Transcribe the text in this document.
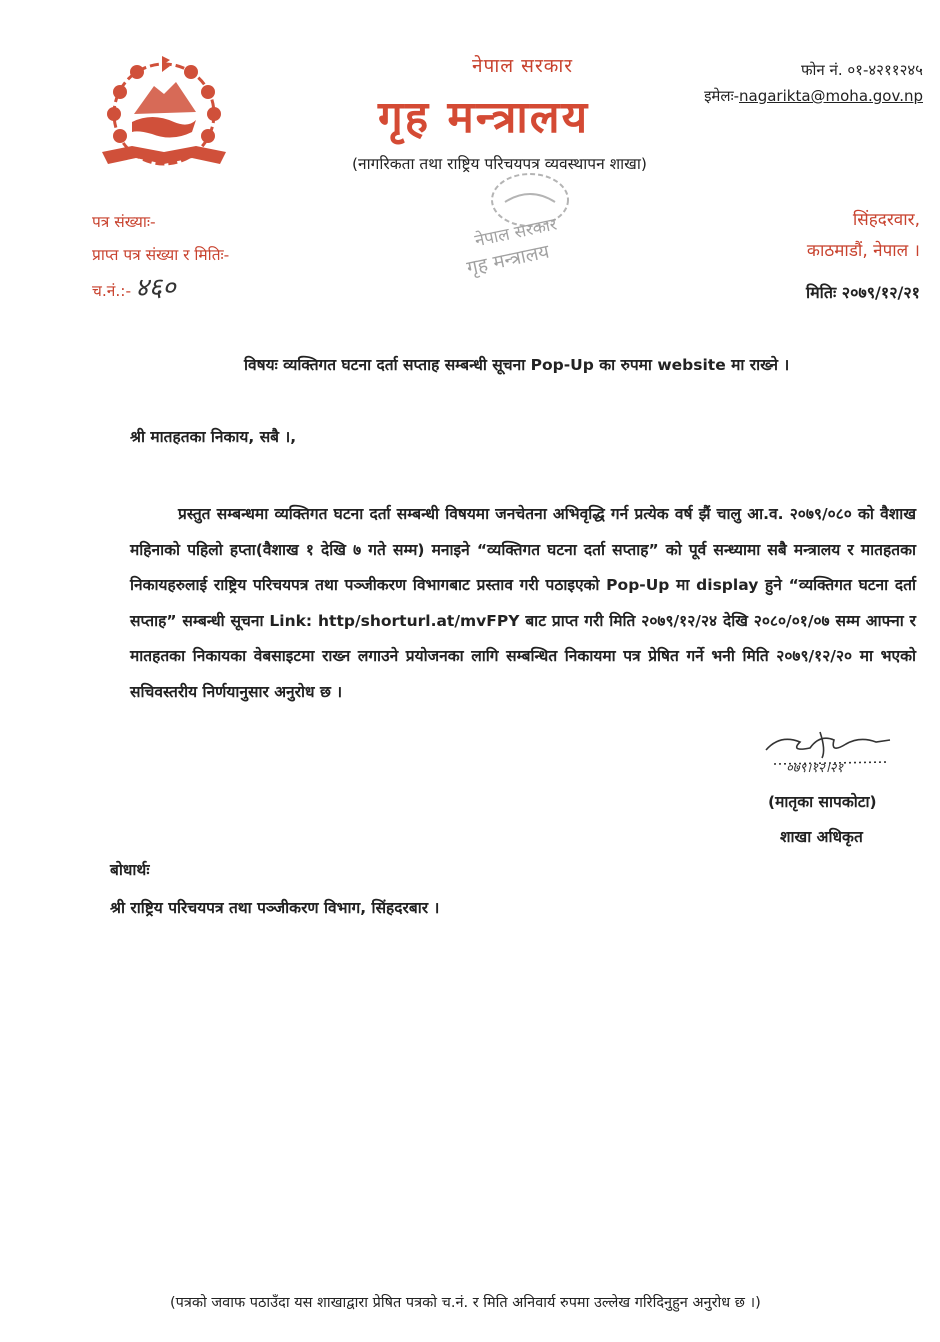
नेपाल सरकार
गृह मन्त्रालय
(नागरिकता तथा राष्ट्रिय परिचयपत्र व्यवस्थापन शाखा)
फोन नं. ०१-४२११२४५
इमेलः-nagarikta@moha.gov.np
नेपाल सरकार
गृह मन्त्रालय
पत्र संख्याः-
प्राप्त पत्र संख्या र मितिः-
च.नं.:- ४६०
सिंहदरवार,
काठमाडौं, नेपाल ।
मितिः २०७९/१२/२१
विषयः व्यक्तिगत घटना दर्ता सप्ताह सम्बन्धी सूचना Pop-Up का रुपमा website मा राख्ने ।
श्री मातहतका निकाय, सबै ।,

प्रस्तुत सम्बन्धमा व्यक्तिगत घटना दर्ता सम्बन्धी विषयमा जनचेतना अभिवृद्धि गर्न प्रत्येक वर्ष झैं चालु आ.व. २०७९/०८० को वैशाख महिनाको पहिलो हप्ता(वैशाख १ देखि ७ गते सम्म) मनाइने “व्यक्तिगत घटना दर्ता सप्ताह” को पूर्व सन्ध्यामा सबै मन्त्रालय र मातहतका निकायहरुलाई राष्ट्रिय परिचयपत्र तथा पञ्जीकरण विभागबाट प्रस्ताव गरी पठाइएको Pop-Up मा display हुने “व्यक्तिगत घटना दर्ता सप्ताह” सम्बन्धी सूचना Link: http/shorturl.at/mvFPY बाट प्राप्त गरी मिति २०७९/१२/२४ देखि २०८०/०१/०७ सम्म आफ्ना र मातहतका निकायका वेबसाइटमा राख्न लगाउने प्रयोजनका लागि सम्बन्धित निकायमा पत्र प्रेषित गर्ने भनी मिति २०७९/१२/२० मा भएको सचिवस्तरीय निर्णयानुसार अनुरोध छ ।

०७९।१२।२१
(मातृका सापकोटा)
शाखा अधिकृत
बोधार्थः
श्री राष्ट्रिय परिचयपत्र तथा पञ्जीकरण विभाग, सिंहदरबार ।
(पत्रको जवाफ पठाउँदा यस शाखाद्वारा प्रेषित पत्रको च.नं. र मिति अनिवार्य रुपमा उल्लेख गरिदिनुहुन अनुरोध छ ।)
